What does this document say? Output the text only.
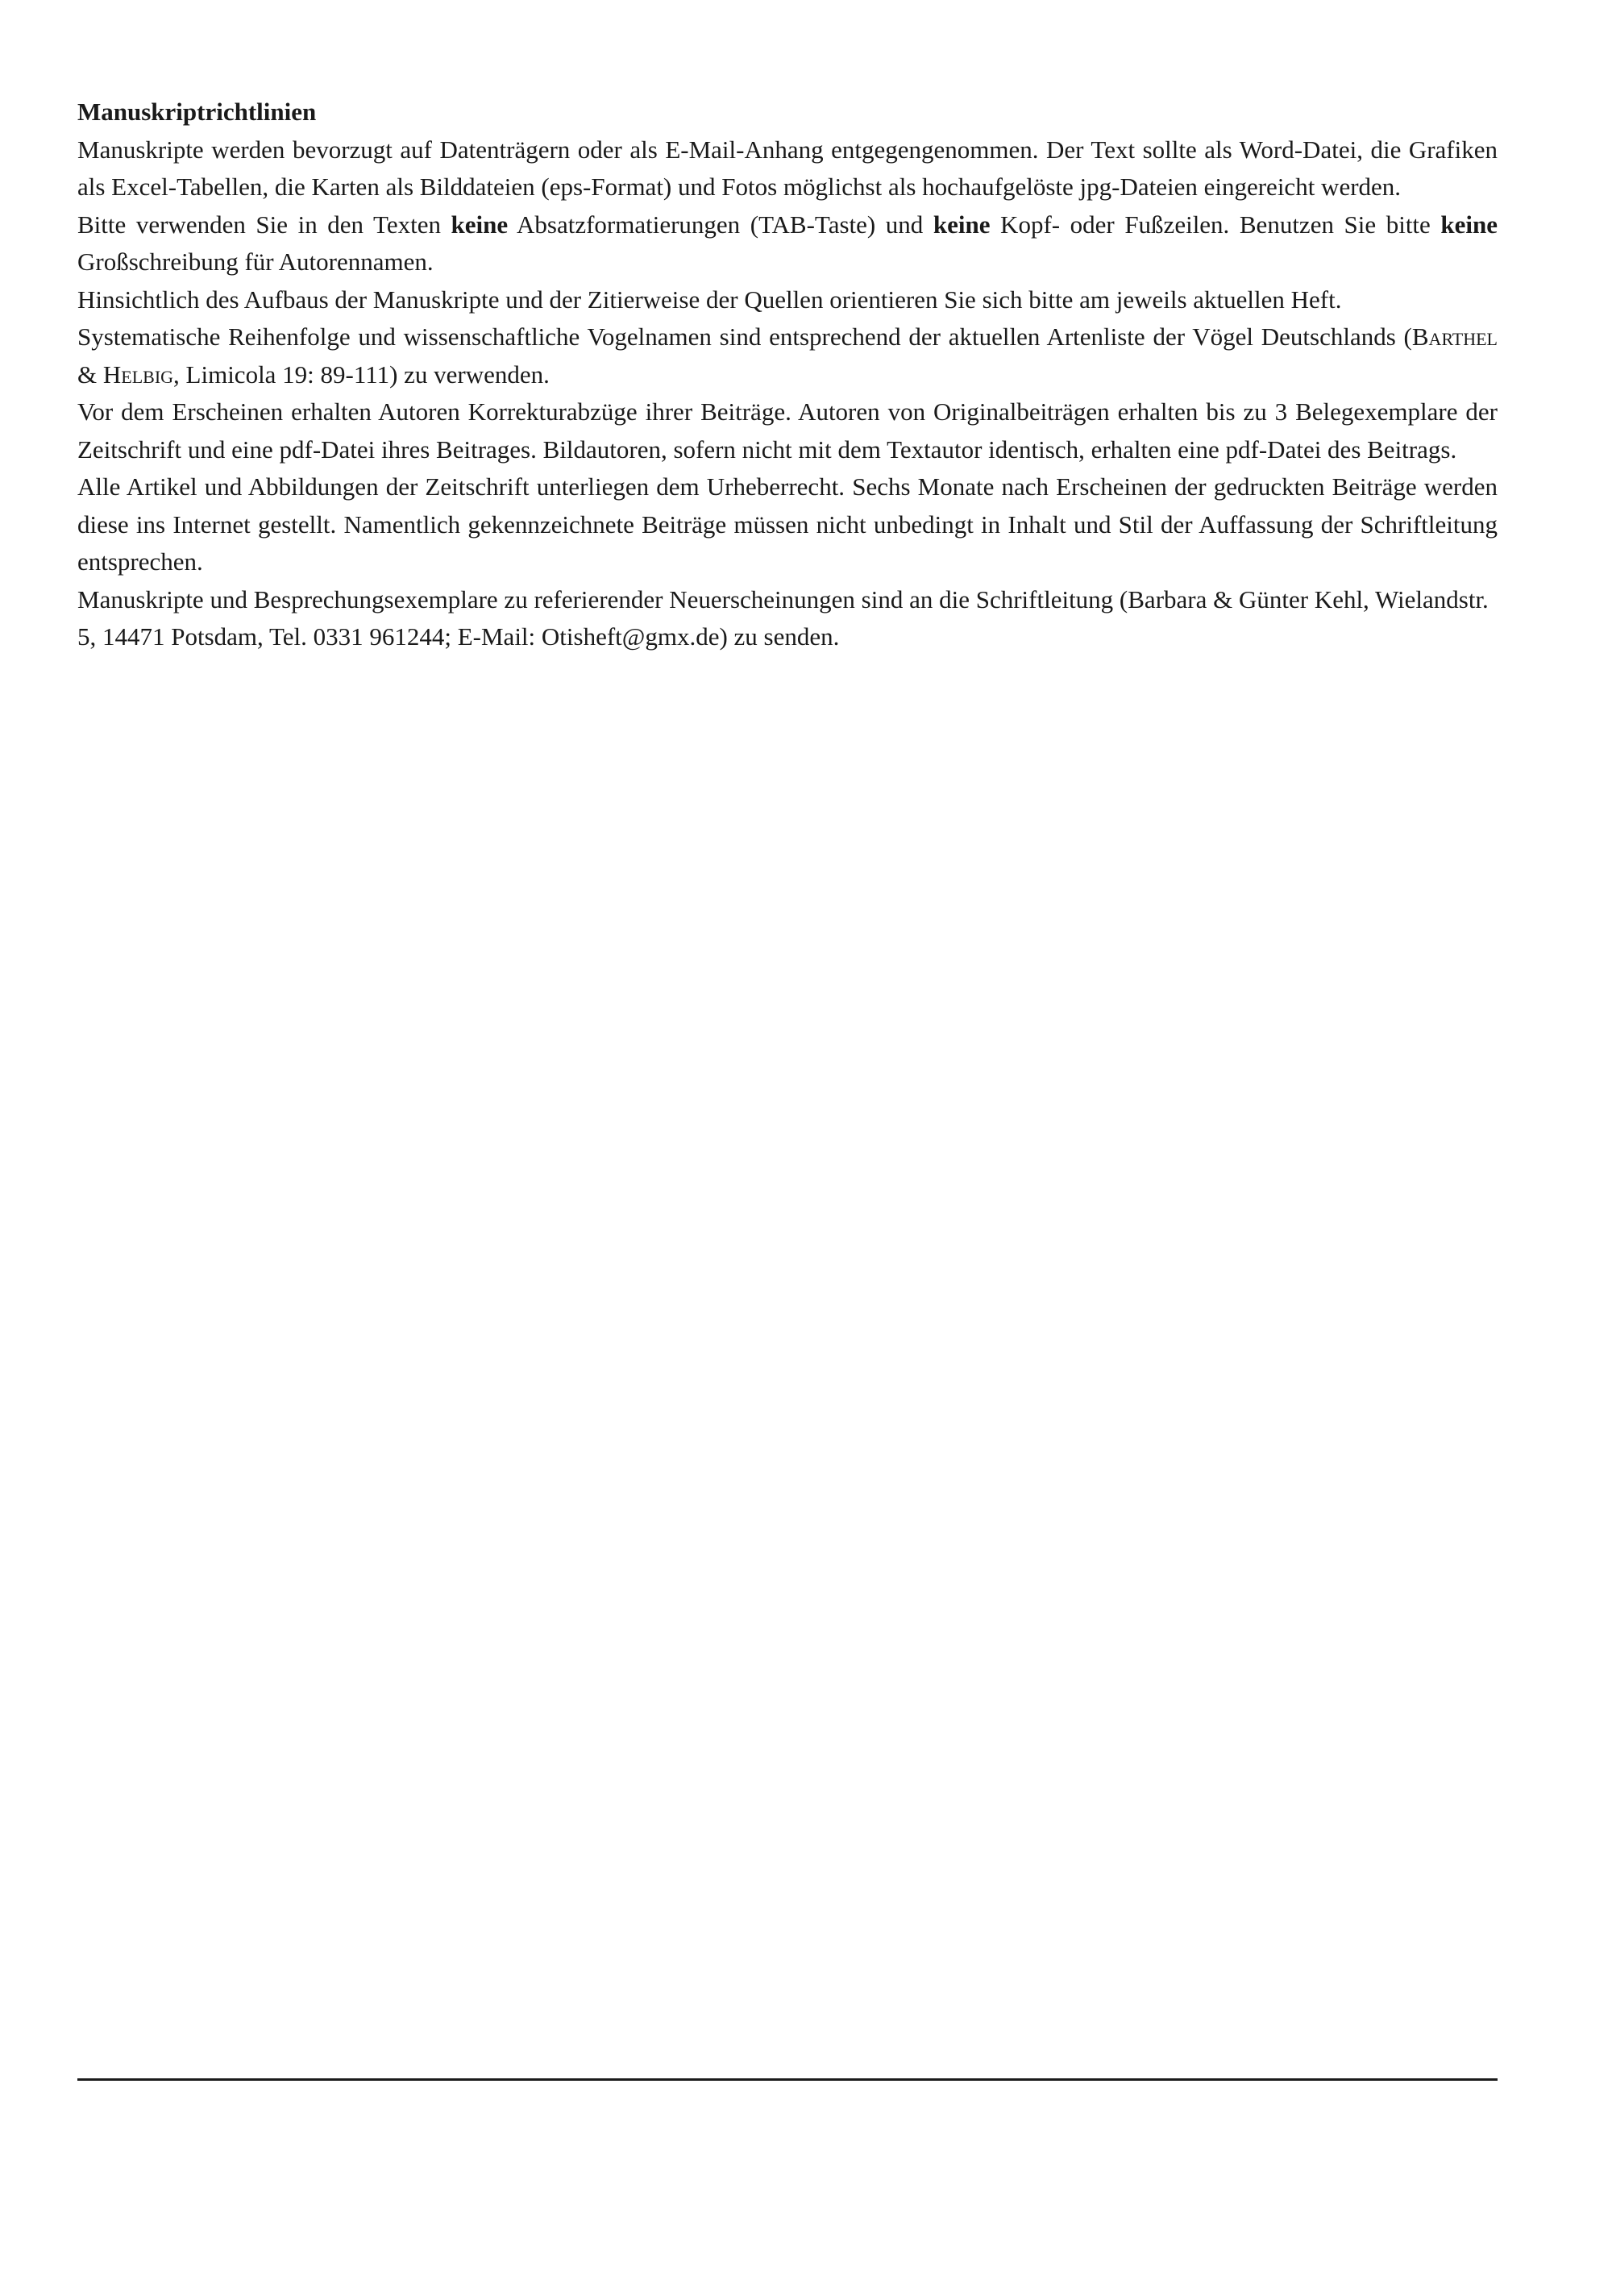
Manuskriptrichtlinien

Manuskripte werden bevorzugt auf Datenträgern oder als E-Mail-Anhang entgegengenommen. Der Text sollte als Word-Datei, die Grafiken als Excel-Tabellen, die Karten als Bilddateien (eps-Format) und Fotos möglichst als hochaufgelöste jpg-Dateien eingereicht werden.

Bitte verwenden Sie in den Texten keine Absatzformatierungen (TAB-Taste) und keine Kopf- oder Fußzeilen. Benutzen Sie bitte keine Großschreibung für Autorennamen.

Hinsichtlich des Aufbaus der Manuskripte und der Zitierweise der Quellen orientieren Sie sich bitte am jeweils aktuellen Heft.

Systematische Reihenfolge und wissenschaftliche Vogelnamen sind entsprechend der aktuellen Artenliste der Vögel Deutschlands (Barthel & Helbig, Limicola 19: 89-111) zu verwenden.

Vor dem Erscheinen erhalten Autoren Korrekturabzüge ihrer Beiträge. Autoren von Originalbeiträgen erhalten bis zu 3 Belegexemplare der Zeitschrift und eine pdf-Datei ihres Beitrages. Bildautoren, sofern nicht mit dem Textautor identisch, erhalten eine pdf-Datei des Beitrags.

Alle Artikel und Abbildungen der Zeitschrift unterliegen dem Urheberrecht. Sechs Monate nach Erscheinen der gedruckten Beiträge werden diese ins Internet gestellt. Namentlich gekennzeichnete Beiträge müssen nicht unbedingt in Inhalt und Stil der Auffassung der Schriftleitung entsprechen.

Manuskripte und Besprechungsexemplare zu referierender Neuerscheinungen sind an die Schriftleitung (Barbara & Günter Kehl, Wielandstr. 5, 14471 Potsdam, Tel. 0331 961244; E-Mail: Otisheft@gmx.de) zu senden.
